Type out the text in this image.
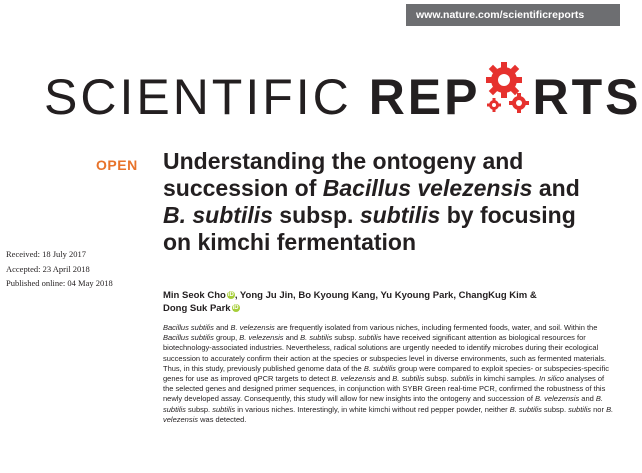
www.nature.com/scientificreports
SCIENTIFIC REP RTS
OPEN Understanding the ontogeny and succession of Bacillus velezensis and B. subtilis subsp. subtilis by focusing on kimchi fermentation
Received: 18 July 2017
Accepted: 23 April 2018
Published online: 04 May 2018
Min Seok Cho iD, Yong Ju Jin, Bo Kyoung Kang, Yu Kyoung Park, ChangKug Kim &
Dong Suk Park iD

Bacillus subtilis and B. velezensis are frequently isolated from various niches, including fermented foods, water, and soil. Within the Bacillus subtilis group, B. velezensis and B. subtilis subsp. subtilis have received significant attention as biological resources for biotechnology-associated industries. Nevertheless, radical solutions are urgently needed to identify microbes during their ecological succession to accurately confirm their action at the species or subspecies level in diverse environments, such as fermented materials. Thus, in this study, previously published genome data of the B. subtilis group were compared to exploit species- or subspecies-specific genes for use as improved qPCR targets to detect B. velezensis and B. subtilis subsp. subtilis in kimchi samples. In silico analyses of the selected genes and designed primer sequences, in conjunction with SYBR Green real-time PCR, confirmed the robustness of this newly developed assay. Consequently, this study will allow for new insights into the ontogeny and succession of B. velezensis and B. subtilis subsp. subtilis in various niches. Interestingly, in white kimchi without red pepper powder, neither B. subtilis subsp. subtilis nor B. velezensis was detected.
